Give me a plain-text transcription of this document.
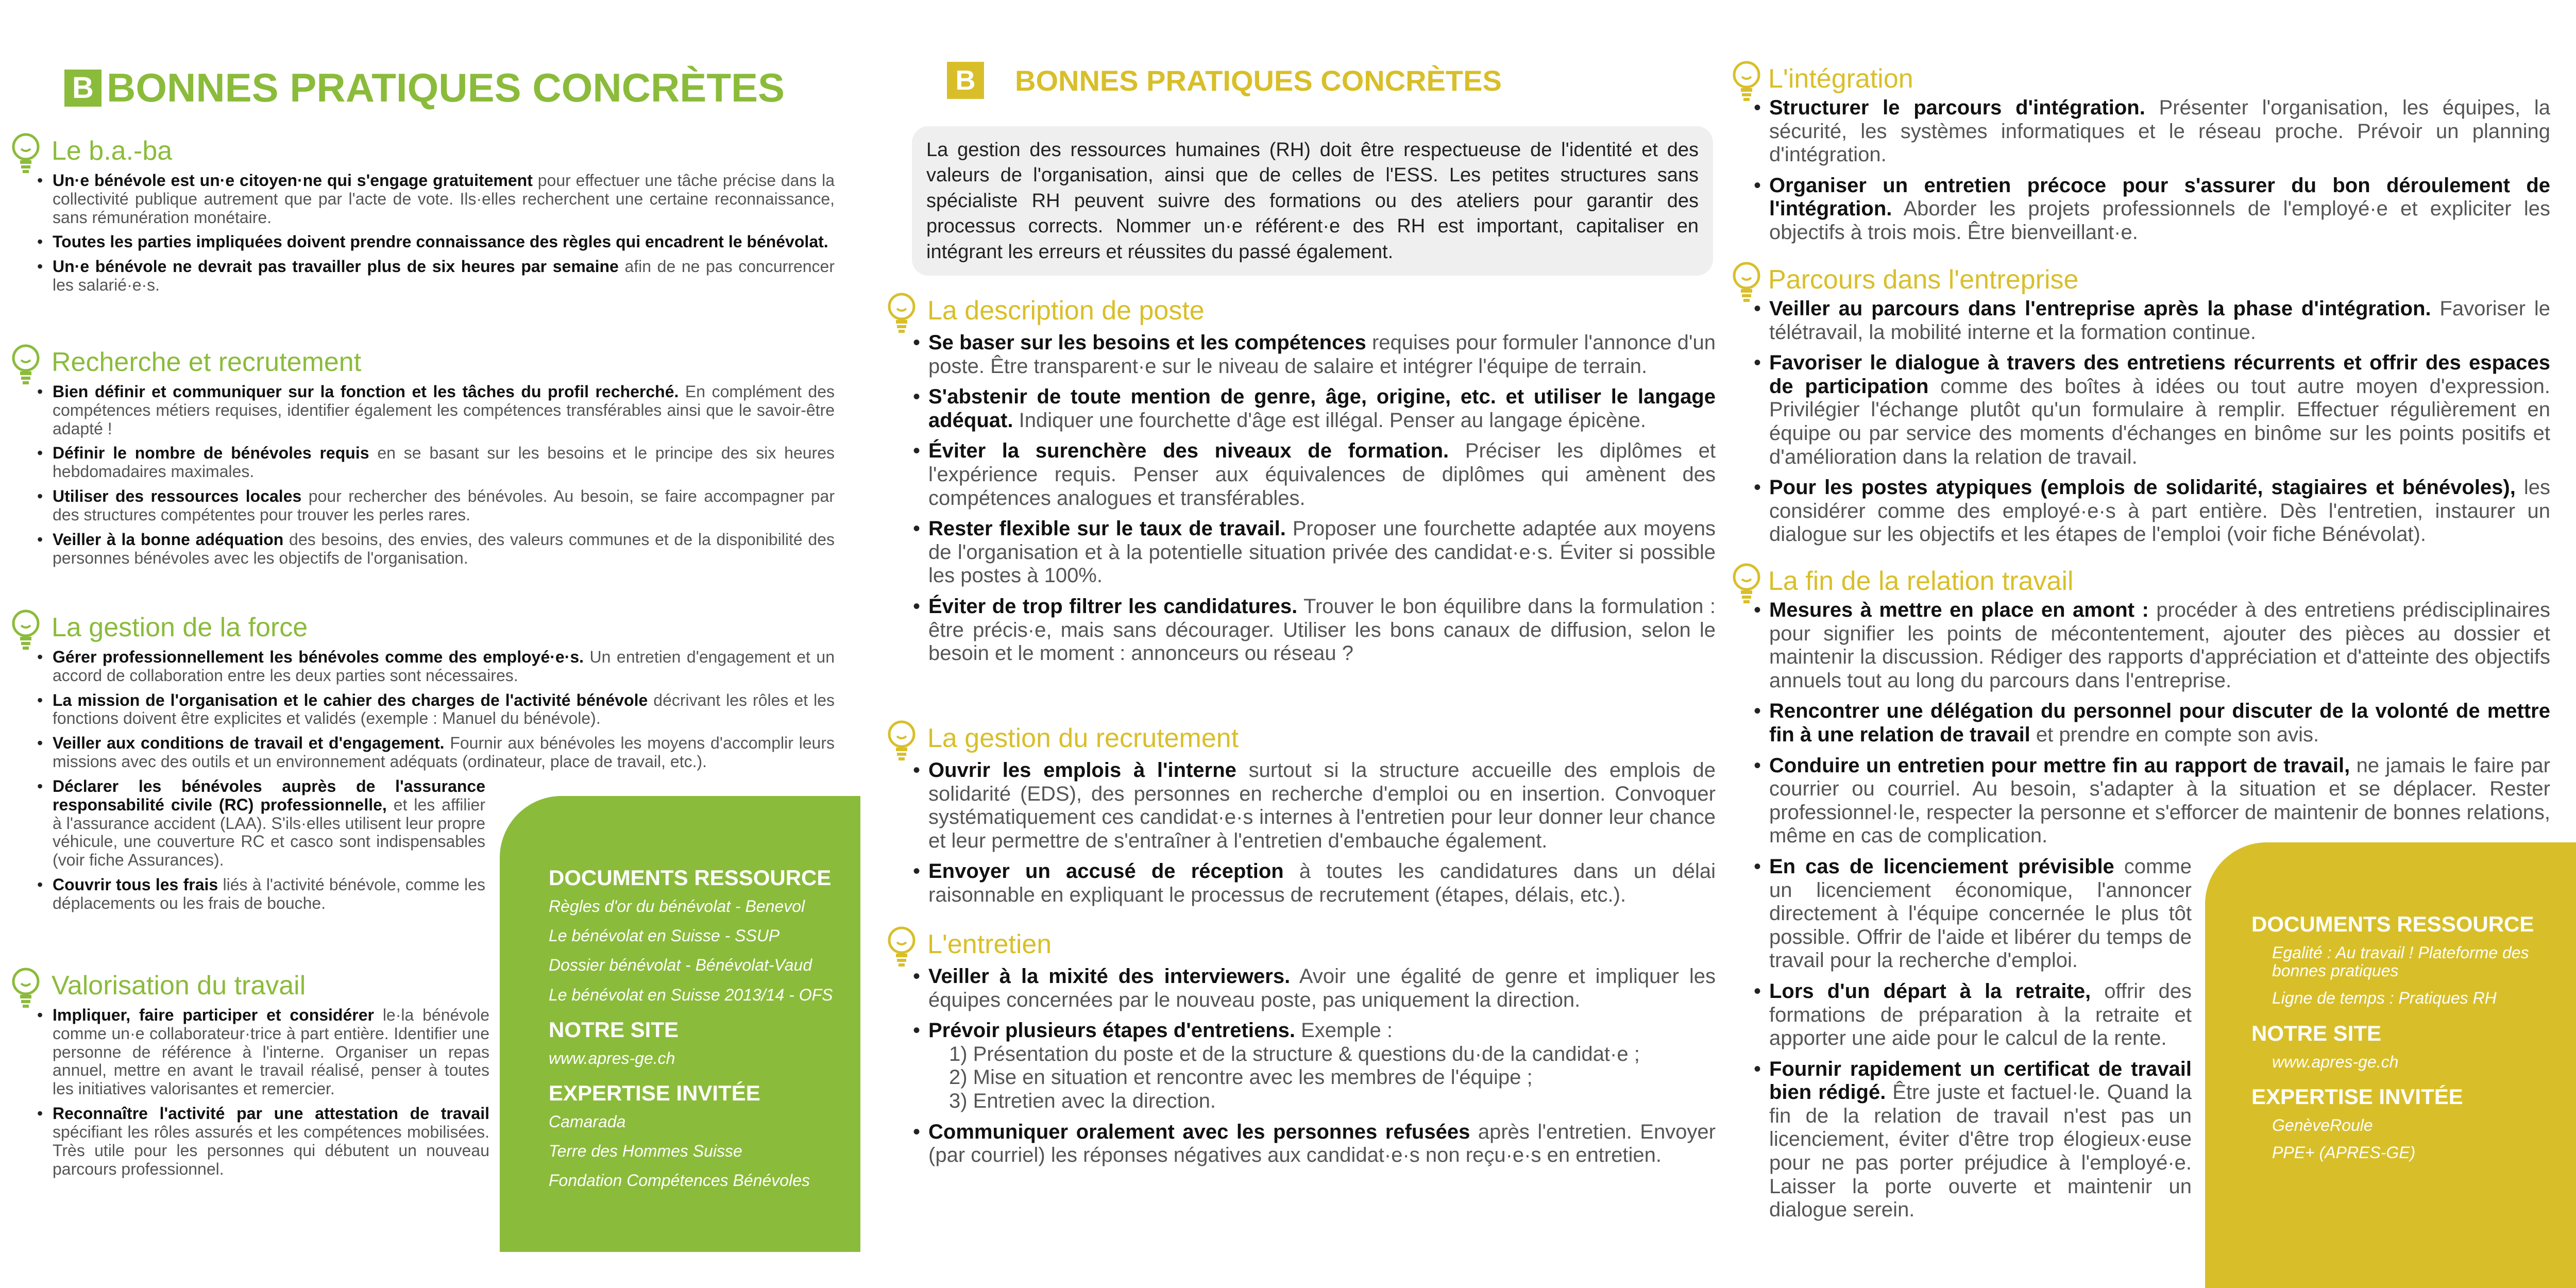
B BONNES PRATIQUES CONCRÈTES
Le b.a.-ba
• Un·e bénévole est un·e citoyen·ne qui s'engage gratuitement pour effectuer une tâche précise dans la collectivité publique autrement que par l'acte de vote. Ils·elles recherchent une certaine reconnaissance, sans rémunération monétaire.
• Toutes les parties impliquées doivent prendre connaissance des règles qui encadrent le bénévolat.
• Un·e bénévole ne devrait pas travailler plus de six heures par semaine afin de ne pas concurrencer les salarié·e·s.
Recherche et recrutement
• Bien définir et communiquer sur la fonction et les tâches du profil recherché. En complément des compétences métiers requises, identifier également les compétences transférables ainsi que le savoir-être adapté !
• Définir le nombre de bénévoles requis en se basant sur les besoins et le principe des six heures hebdomadaires maximales.
• Utiliser des ressources locales pour rechercher des bénévoles. Au besoin, se faire accompagner par des structures compétentes pour trouver les perles rares.
• Veiller à la bonne adéquation des besoins, des envies, des valeurs communes et de la disponibilité des personnes bénévoles avec les objectifs de l'organisation.
La gestion de la force
• Gérer professionnellement les bénévoles comme des employé·e·s. Un entretien d'engagement et un accord de collaboration entre les deux parties sont nécessaires.
• La mission de l'organisation et le cahier des charges de l'activité bénévole décrivant les rôles et les fonctions doivent être explicites et validés (exemple : Manuel du bénévole).
• Veiller aux conditions de travail et d'engagement. Fournir aux bénévoles les moyens d'accomplir leurs missions avec des outils et un environnement adéquats (ordinateur, place de travail, etc.).
• Déclarer les bénévoles auprès de l'assurance responsabilité civile (RC) professionnelle, et les affilier à l'assurance accident (LAA). S'ils·elles utilisent leur propre véhicule, une couverture RC et casco sont indispensables (voir fiche Assurances).
• Couvrir tous les frais liés à l'activité bénévole, comme les déplacements ou les frais de bouche.
Valorisation du travail
• Impliquer, faire participer et considérer le·la bénévole comme un·e collaborateur·trice à part entière. Identifier une personne de référence à l'interne. Organiser un repas annuel, mettre en avant le travail réalisé, penser à toutes les initiatives valorisantes et remercier.
• Reconnaître l'activité par une attestation de travail spécifiant les rôles assurés et les compétences mobilisées. Très utile pour les personnes qui débutent un nouveau parcours professionnel.
DOCUMENTS RESSOURCE
Règles d'or du bénévolat - Benevol
Le bénévolat en Suisse - SSUP
Dossier bénévolat - Bénévolat-Vaud
Le bénévolat en Suisse 2013/14 - OFS
NOTRE SITE
www.apres-ge.ch
EXPERTISE INVITÉE
Camarada
Terre des Hommes Suisse
Fondation Compétences Bénévoles
B BONNES PRATIQUES CONCRÈTES
La gestion des ressources humaines (RH) doit être respectueuse de l'identité et des valeurs de l'organisation, ainsi que de celles de l'ESS. Les petites structures sans spécialiste RH peuvent suivre des formations ou des ateliers pour garantir des processus corrects. Nommer un·e référent·e des RH est important, capitaliser en intégrant les erreurs et réussites du passé également.
La description de poste
• Se baser sur les besoins et les compétences requises pour formuler l'annonce d'un poste. Être transparent·e sur le niveau de salaire et intégrer l'équipe de terrain.
• S'abstenir de toute mention de genre, âge, origine, etc. et utiliser le langage adéquat. Indiquer une fourchette d'âge est illégal. Penser au langage épicène.
• Éviter la surenchère des niveaux de formation. Préciser les diplômes et l'expérience requis. Penser aux équivalences de diplômes qui amènent des compétences analogues et transférables.
• Rester flexible sur le taux de travail. Proposer une fourchette adaptée aux moyens de l'organisation et à la potentielle situation privée des candidat·e·s. Éviter si possible les postes à 100%.
• Éviter de trop filtrer les candidatures. Trouver le bon équilibre dans la formulation : être précis·e, mais sans décourager. Utiliser les bons canaux de diffusion, selon le besoin et le moment : annonceurs ou réseau ?
La gestion du recrutement
• Ouvrir les emplois à l'interne surtout si la structure accueille des emplois de solidarité (EDS), des personnes en recherche d'emploi ou en insertion. Convoquer systématiquement ces candidat·e·s internes à l'entretien pour leur donner leur chance et leur permettre de s'entraîner à l'entretien d'embauche également.
• Envoyer un accusé de réception à toutes les candidatures dans un délai raisonnable en expliquant le processus de recrutement (étapes, délais, etc.).
L'entretien
• Veiller à la mixité des interviewers. Avoir une égalité de genre et impliquer les équipes concernées par le nouveau poste, pas uniquement la direction.
• Prévoir plusieurs étapes d'entretiens. Exemple :
1) Présentation du poste et de la structure & questions du·de la candidat·e ;
2) Mise en situation et rencontre avec les membres de l'équipe ;
3) Entretien avec la direction.
• Communiquer oralement avec les personnes refusées après l'entretien. Envoyer (par courriel) les réponses négatives aux candidat·e·s non reçu·e·s en entretien.
L'intégration
• Structurer le parcours d'intégration. Présenter l'organisation, les équipes, la sécurité, les systèmes informatiques et le réseau proche. Prévoir un planning d'intégration.
• Organiser un entretien précoce pour s'assurer du bon déroulement de l'intégration. Aborder les projets professionnels de l'employé·e et expliciter les objectifs à trois mois. Être bienveillant·e.
Parcours dans l'entreprise
• Veiller au parcours dans l'entreprise après la phase d'intégration. Favoriser le télétravail, la mobilité interne et la formation continue.
• Favoriser le dialogue à travers des entretiens récurrents et offrir des espaces de participation comme des boîtes à idées ou tout autre moyen d'expression. Privilégier l'échange plutôt qu'un formulaire à remplir. Effectuer régulièrement en équipe ou par service des moments d'échanges en binôme sur les points positifs et d'amélioration dans la relation de travail.
• Pour les postes atypiques (emplois de solidarité, stagiaires et bénévoles), les considérer comme des employé·e·s à part entière. Dès l'entretien, instaurer un dialogue sur les objectifs et les étapes de l'emploi (voir fiche Bénévolat).
La fin de la relation travail
• Mesures à mettre en place en amont : procéder à des entretiens prédisciplinaires pour signifier les points de mécontentement, ajouter des pièces au dossier et maintenir la discussion. Rédiger des rapports d'appréciation et d'atteinte des objectifs annuels tout au long du parcours dans l'entreprise.
• Rencontrer une délégation du personnel pour discuter de la volonté de mettre fin à une relation de travail et prendre en compte son avis.
• Conduire un entretien pour mettre fin au rapport de travail, ne jamais le faire par courrier ou courriel. Au besoin, s'adapter à la situation et se déplacer. Rester professionnel·le, respecter la personne et s'efforcer de maintenir de bonnes relations, même en cas de complication.
• En cas de licenciement prévisible comme un licenciement économique, l'annoncer directement à l'équipe concernée le plus tôt possible. Offrir de l'aide et libérer du temps de travail pour la recherche d'emploi.
• Lors d'un départ à la retraite, offrir des formations de préparation à la retraite et apporter une aide pour le calcul de la rente.
• Fournir rapidement un certificat de travail bien rédigé. Être juste et factuel·le. Quand la fin de la relation de travail n'est pas un licenciement, éviter d'être trop élogieux·euse pour ne pas porter préjudice à l'employé·e. Laisser la porte ouverte et maintenir un dialogue serein.
DOCUMENTS RESSOURCE
Egalité : Au travail ! Plateforme des bonnes pratiques
Ligne de temps : Pratiques RH
NOTRE SITE
www.apres-ge.ch
EXPERTISE INVITÉE
GenèveRoule
PPE+ (APRES-GE)
